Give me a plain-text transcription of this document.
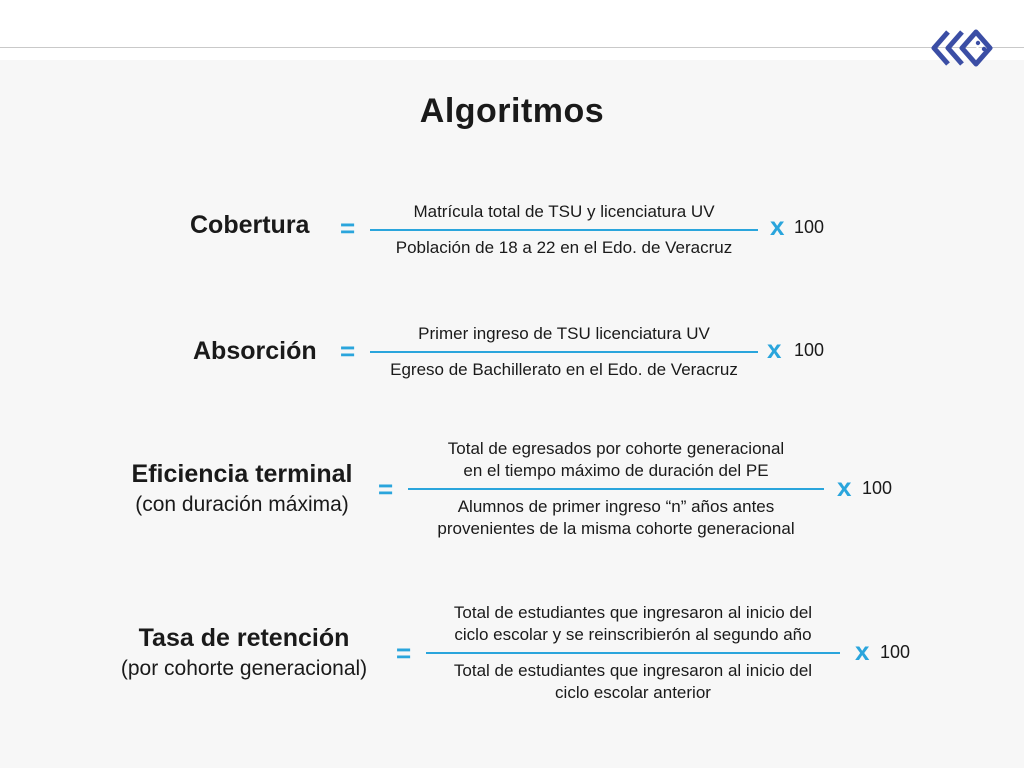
Algoritmos
Cobertura =
Matrícula total de TSU y licenciatura UV
Población de 18 a 22 en el Edo. de Veracruz
x 100
Absorción =
Primer ingreso de TSU licenciatura UV
Egreso de Bachillerato en el Edo. de Veracruz
x 100
Eficiencia terminal
(con duración máxima)
=
Total de egresados por cohorte generacional
en el tiempo máximo de duración del PE
Alumnos de primer ingreso “n” años antes
provenientes de la misma cohorte generacional
x 100
Tasa de retención
(por cohorte generacional)
=
Total de estudiantes que ingresaron al inicio del
ciclo escolar y se reinscribierón al segundo año
Total de estudiantes que ingresaron al inicio del
ciclo escolar anterior
x 100
